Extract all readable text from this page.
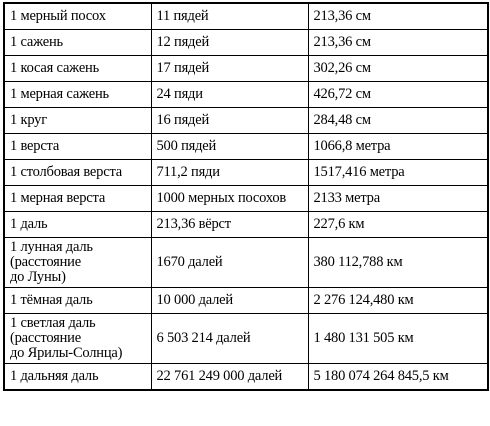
1 мерный посох	11 пядей	213,36 см

1 сажень	12 пядей	213,36 см

1 косая сажень	17 пядей	302,26 см

1 мерная сажень	24 пяди	426,72 см

1 круг	16 пядей	284,48 см

1 верста	500 пядей	1066,8 метра

1 столбовая верста	711,2 пяди	1517,416 метра

1 мерная верста	1000 мерных посохов	2133 метра

1 даль	213,36 вёрст	227,6 км

1 лунная даль
(расстояние
до Луны)	1670 далей	380 112,788 км

1 тёмная даль	10 000 далей	2 276 124,480 км

1 светлая даль
(расстояние
до Ярилы-Солнца)	6 503 214 далей	1 480 131 505 км

1 дальняя даль	22 761 249 000 далей	5 180 074 264 845,5 км
